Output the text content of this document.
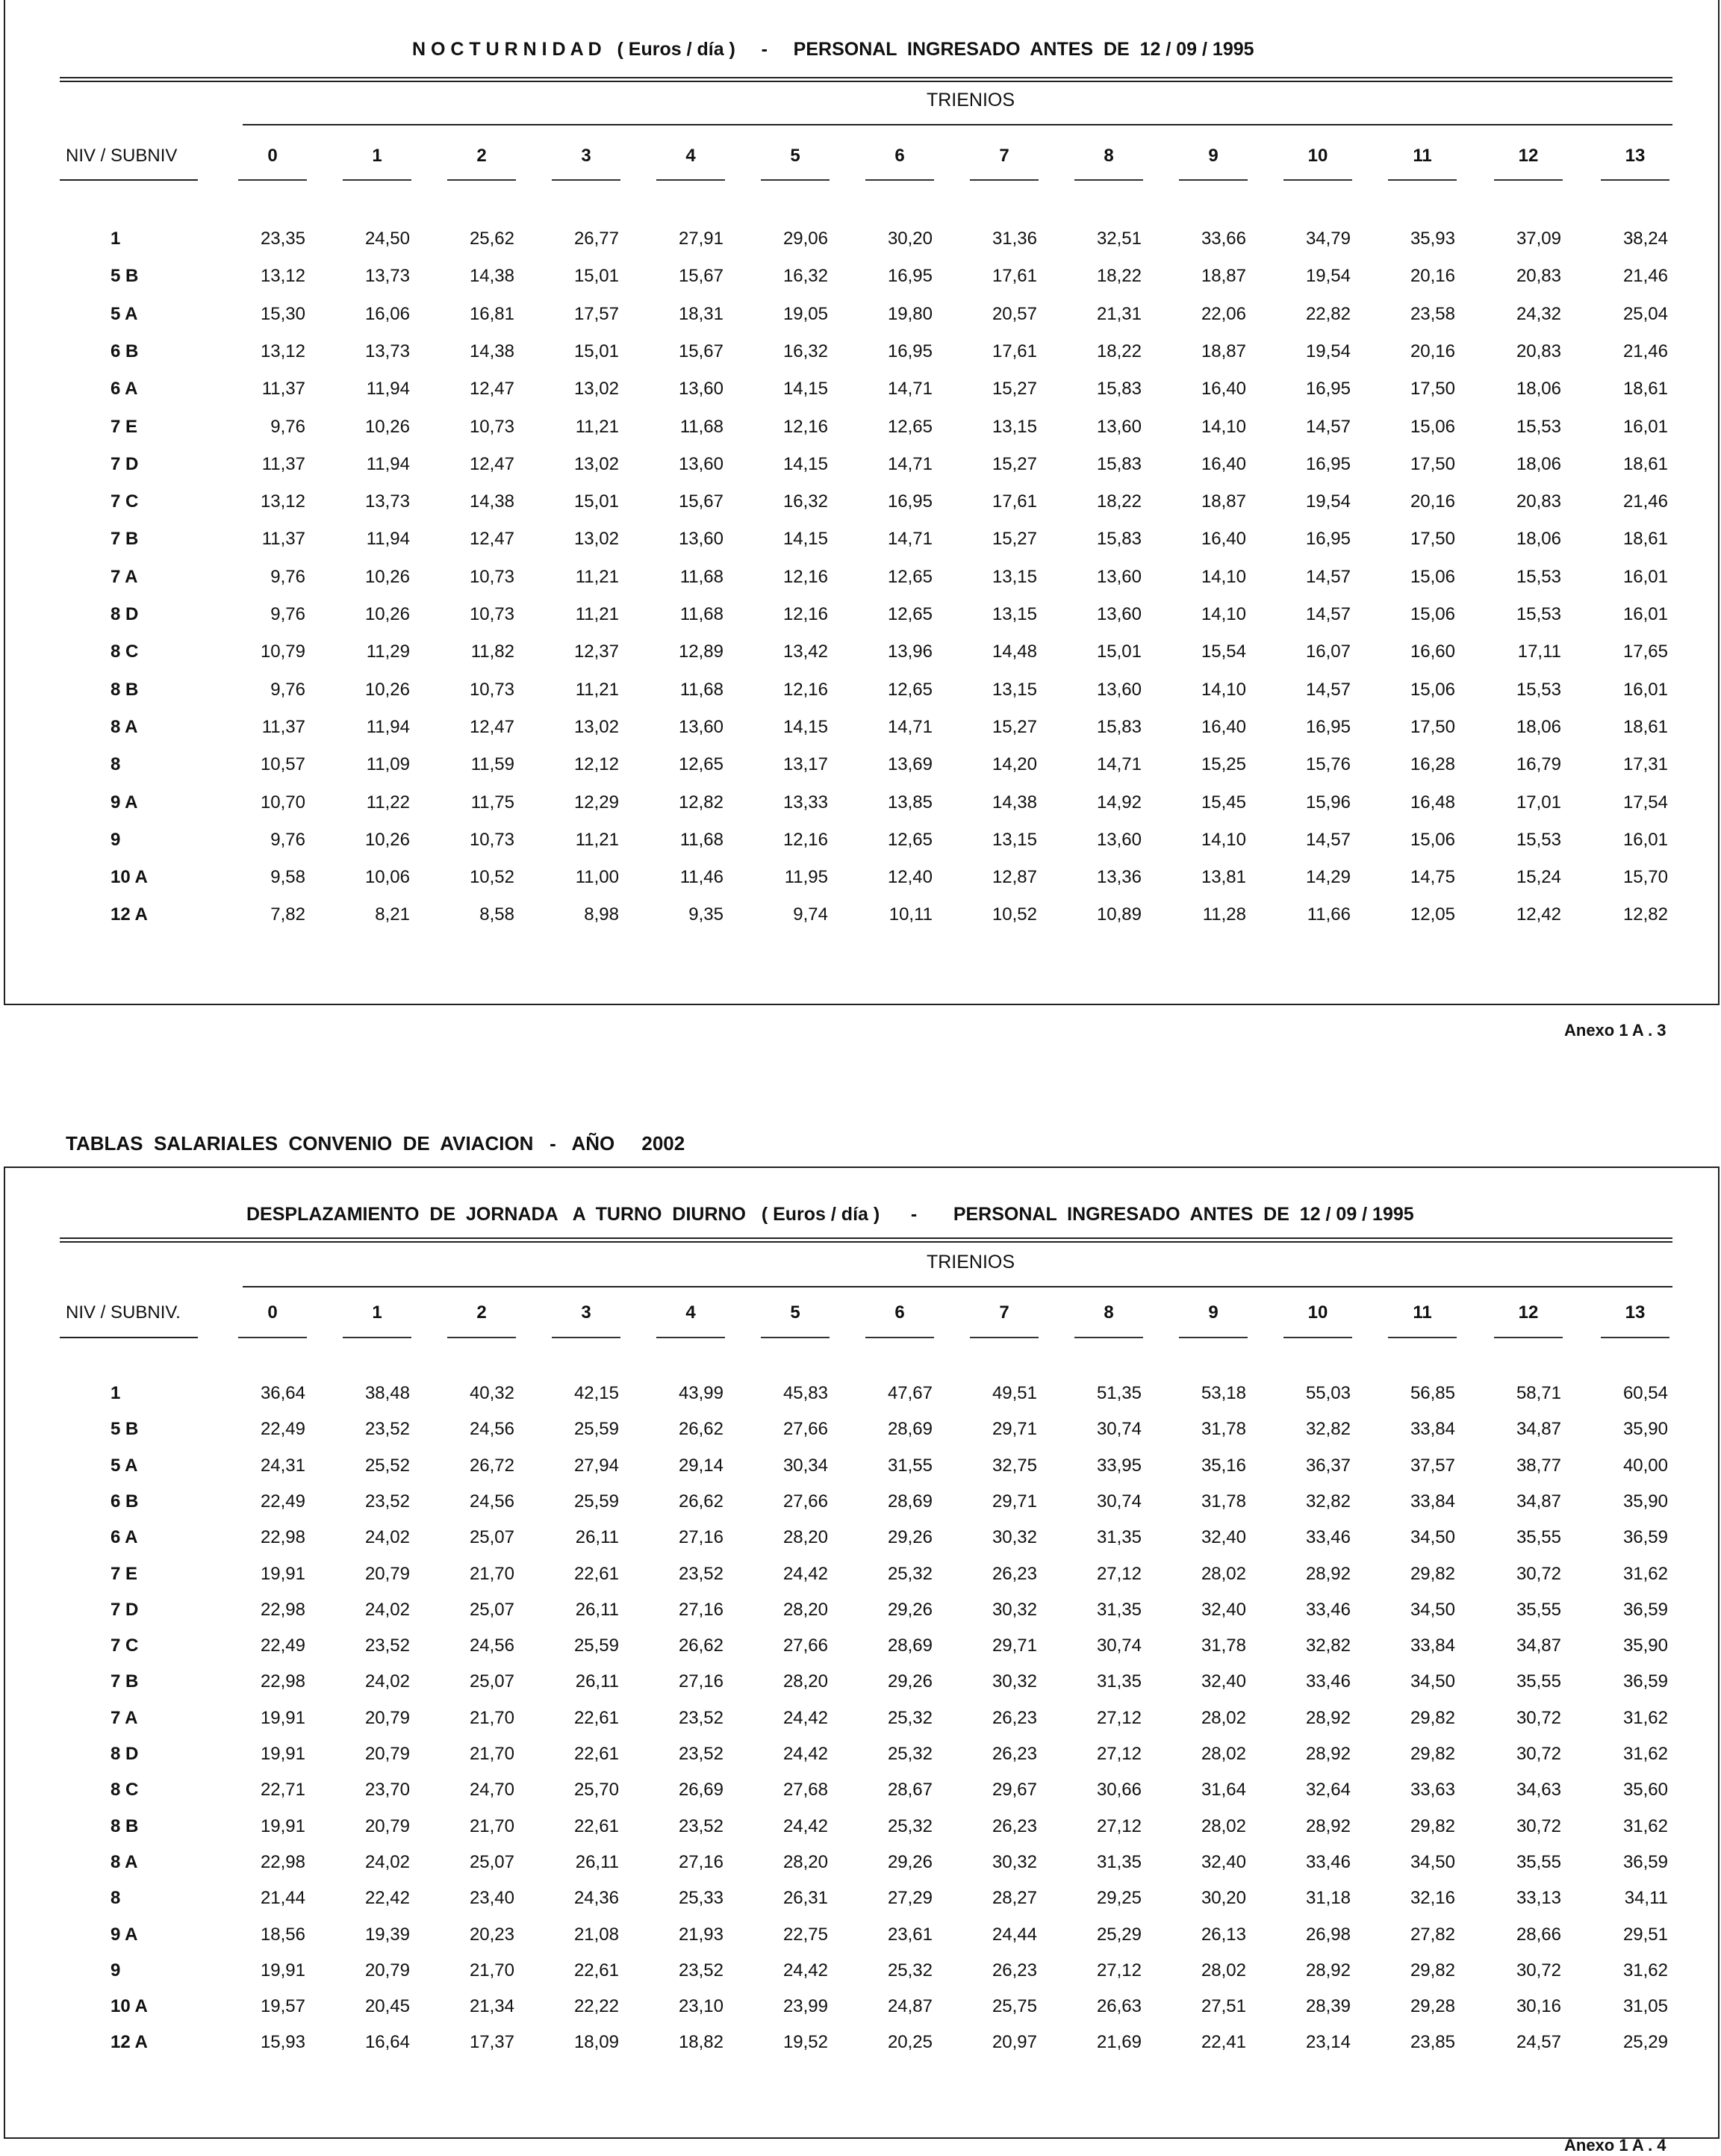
N O C T U R N I D A D   ( Euros / día )     -     PERSONAL  INGRESADO  ANTES  DE  12 / 09 / 1995
TRIENIOS
NIV / SUBNIV	0	1	2	3	4	5	6	7	8	9	10	11	12	13
1	23,35	24,50	25,62	26,77	27,91	29,06	30,20	31,36	32,51	33,66	34,79	35,93	37,09	38,24
5 B	13,12	13,73	14,38	15,01	15,67	16,32	16,95	17,61	18,22	18,87	19,54	20,16	20,83	21,46
5 A	15,30	16,06	16,81	17,57	18,31	19,05	19,80	20,57	21,31	22,06	22,82	23,58	24,32	25,04
6 B	13,12	13,73	14,38	15,01	15,67	16,32	16,95	17,61	18,22	18,87	19,54	20,16	20,83	21,46
6 A	11,37	11,94	12,47	13,02	13,60	14,15	14,71	15,27	15,83	16,40	16,95	17,50	18,06	18,61
7 E	9,76	10,26	10,73	11,21	11,68	12,16	12,65	13,15	13,60	14,10	14,57	15,06	15,53	16,01
7 D	11,37	11,94	12,47	13,02	13,60	14,15	14,71	15,27	15,83	16,40	16,95	17,50	18,06	18,61
7 C	13,12	13,73	14,38	15,01	15,67	16,32	16,95	17,61	18,22	18,87	19,54	20,16	20,83	21,46
7 B	11,37	11,94	12,47	13,02	13,60	14,15	14,71	15,27	15,83	16,40	16,95	17,50	18,06	18,61
7 A	9,76	10,26	10,73	11,21	11,68	12,16	12,65	13,15	13,60	14,10	14,57	15,06	15,53	16,01
8 D	9,76	10,26	10,73	11,21	11,68	12,16	12,65	13,15	13,60	14,10	14,57	15,06	15,53	16,01
8 C	10,79	11,29	11,82	12,37	12,89	13,42	13,96	14,48	15,01	15,54	16,07	16,60	17,11	17,65
8 B	9,76	10,26	10,73	11,21	11,68	12,16	12,65	13,15	13,60	14,10	14,57	15,06	15,53	16,01
8 A	11,37	11,94	12,47	13,02	13,60	14,15	14,71	15,27	15,83	16,40	16,95	17,50	18,06	18,61
8	10,57	11,09	11,59	12,12	12,65	13,17	13,69	14,20	14,71	15,25	15,76	16,28	16,79	17,31
9 A	10,70	11,22	11,75	12,29	12,82	13,33	13,85	14,38	14,92	15,45	15,96	16,48	17,01	17,54
9	9,76	10,26	10,73	11,21	11,68	12,16	12,65	13,15	13,60	14,10	14,57	15,06	15,53	16,01
10 A	9,58	10,06	10,52	11,00	11,46	11,95	12,40	12,87	13,36	13,81	14,29	14,75	15,24	15,70
12 A	7,82	8,21	8,58	8,98	9,35	9,74	10,11	10,52	10,89	11,28	11,66	12,05	12,42	12,82
Anexo 1 A . 3
TABLAS  SALARIALES  CONVENIO  DE  AVIACION   -   AÑO     2002
DESPLAZAMIENTO  DE  JORNADA   A  TURNO  DIURNO   ( Euros / día )      -       PERSONAL  INGRESADO  ANTES  DE  12 / 09 / 1995
TRIENIOS
NIV / SUBNIV.	0	1	2	3	4	5	6	7	8	9	10	11	12	13
1	36,64	38,48	40,32	42,15	43,99	45,83	47,67	49,51	51,35	53,18	55,03	56,85	58,71	60,54
5 B	22,49	23,52	24,56	25,59	26,62	27,66	28,69	29,71	30,74	31,78	32,82	33,84	34,87	35,90
5 A	24,31	25,52	26,72	27,94	29,14	30,34	31,55	32,75	33,95	35,16	36,37	37,57	38,77	40,00
6 B	22,49	23,52	24,56	25,59	26,62	27,66	28,69	29,71	30,74	31,78	32,82	33,84	34,87	35,90
6 A	22,98	24,02	25,07	26,11	27,16	28,20	29,26	30,32	31,35	32,40	33,46	34,50	35,55	36,59
7 E	19,91	20,79	21,70	22,61	23,52	24,42	25,32	26,23	27,12	28,02	28,92	29,82	30,72	31,62
7 D	22,98	24,02	25,07	26,11	27,16	28,20	29,26	30,32	31,35	32,40	33,46	34,50	35,55	36,59
7 C	22,49	23,52	24,56	25,59	26,62	27,66	28,69	29,71	30,74	31,78	32,82	33,84	34,87	35,90
7 B	22,98	24,02	25,07	26,11	27,16	28,20	29,26	30,32	31,35	32,40	33,46	34,50	35,55	36,59
7 A	19,91	20,79	21,70	22,61	23,52	24,42	25,32	26,23	27,12	28,02	28,92	29,82	30,72	31,62
8 D	19,91	20,79	21,70	22,61	23,52	24,42	25,32	26,23	27,12	28,02	28,92	29,82	30,72	31,62
8 C	22,71	23,70	24,70	25,70	26,69	27,68	28,67	29,67	30,66	31,64	32,64	33,63	34,63	35,60
8 B	19,91	20,79	21,70	22,61	23,52	24,42	25,32	26,23	27,12	28,02	28,92	29,82	30,72	31,62
8 A	22,98	24,02	25,07	26,11	27,16	28,20	29,26	30,32	31,35	32,40	33,46	34,50	35,55	36,59
8	21,44	22,42	23,40	24,36	25,33	26,31	27,29	28,27	29,25	30,20	31,18	32,16	33,13	34,11
9 A	18,56	19,39	20,23	21,08	21,93	22,75	23,61	24,44	25,29	26,13	26,98	27,82	28,66	29,51
9	19,91	20,79	21,70	22,61	23,52	24,42	25,32	26,23	27,12	28,02	28,92	29,82	30,72	31,62
10 A	19,57	20,45	21,34	22,22	23,10	23,99	24,87	25,75	26,63	27,51	28,39	29,28	30,16	31,05
12 A	15,93	16,64	17,37	18,09	18,82	19,52	20,25	20,97	21,69	22,41	23,14	23,85	24,57	25,29
Anexo 1 A . 4
